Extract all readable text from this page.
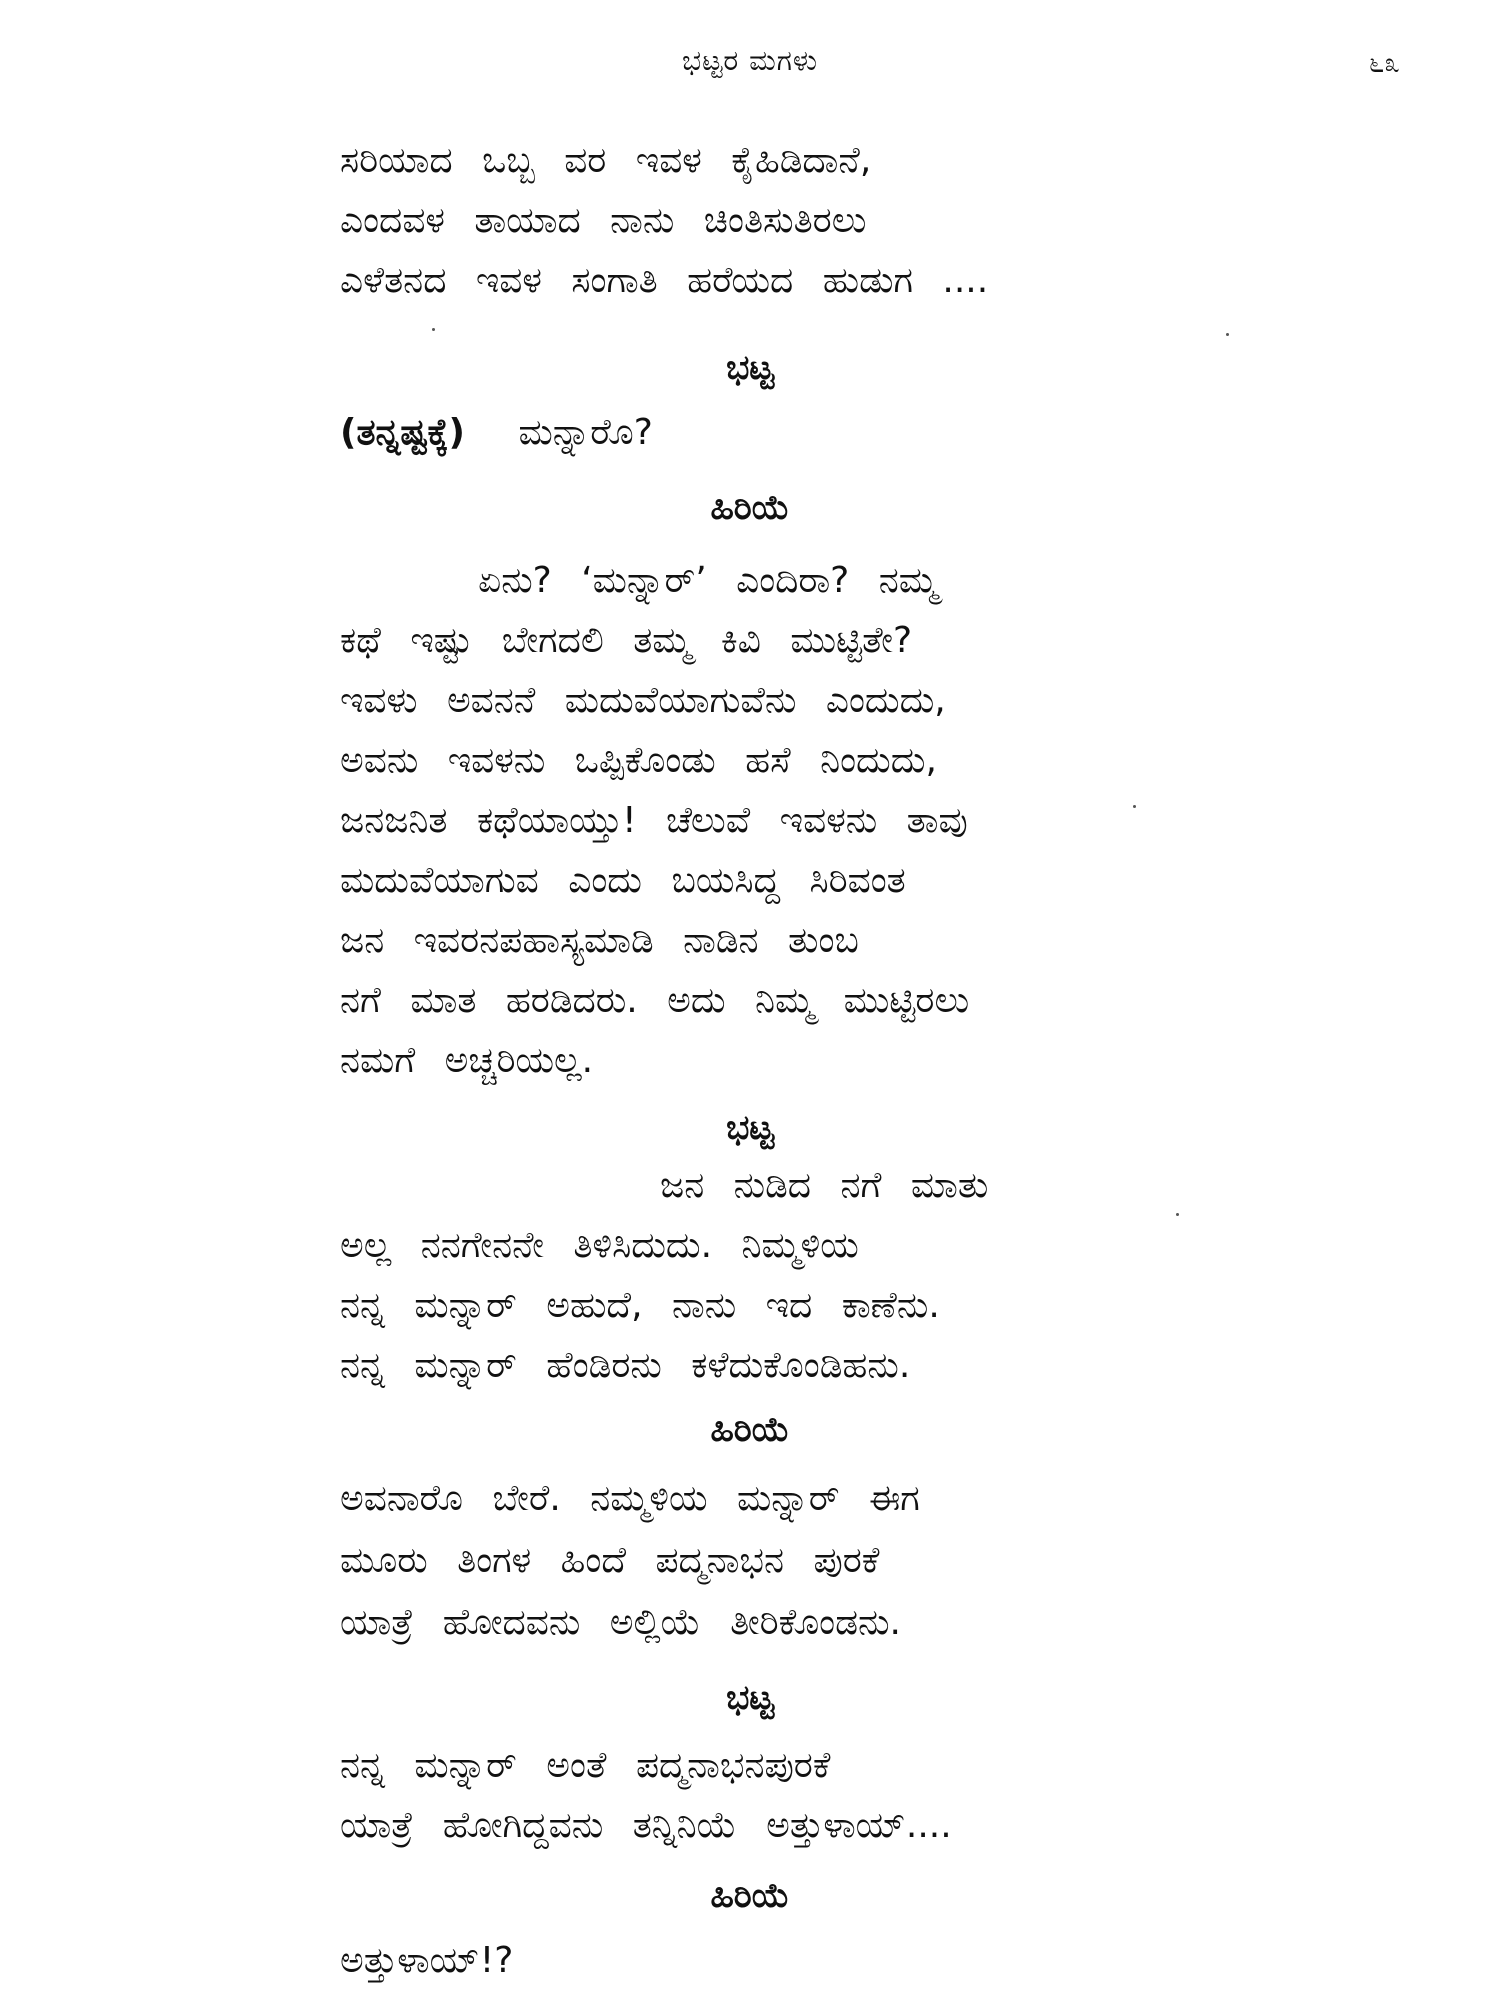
ಭಟ್ಟರ ಮಗಳು	೬೩
ಸರಿಯಾದ ಒಬ್ಬ ವರ ಇವಳ ಕೈಹಿಡಿದಾನೆ,
ಎಂದವಳ ತಾಯಾದ ನಾನು ಚಿಂತಿಸುತಿರಲು
ಎಳೆತನದ ಇವಳ ಸಂಗಾತಿ ಹರೆಯದ ಹುಡುಗ ....
ಭಟ್ಟ
(ತನ್ನಷ್ಟಕ್ಕೆ) ಮನ್ನಾರೊ?
ಹಿರಿಯೆ
ಏನು? ‘ಮನ್ನಾರ್’ ಎಂದಿರಾ? ನಮ್ಮ
ಕಥೆ ಇಷ್ಟು ಬೇಗದಲಿ ತಮ್ಮ ಕಿವಿ ಮುಟ್ಟಿತೇ?
ಇವಳು ಅವನನೆ ಮದುವೆಯಾಗುವೆನು ಎಂದುದು,
ಅವನು ಇವಳನು ಒಪ್ಪಿಕೊಂಡು ಹಸೆ ನಿಂದುದು,
ಜನಜನಿತ ಕಥೆಯಾಯ್ತು! ಚೆಲುವೆ ಇವಳನು ತಾವು
ಮದುವೆಯಾಗುವ ಎಂದು ಬಯಸಿದ್ದ ಸಿರಿವಂತ
ಜನ ಇವರನಪಹಾಸ್ಯಮಾಡಿ ನಾಡಿನ ತುಂಬ
ನಗೆ ಮಾತ ಹರಡಿದರು. ಅದು ನಿಮ್ಮ ಮುಟ್ಟಿರಲು
ನಮಗೆ ಅಚ್ಚರಿಯಲ್ಲ.
ಭಟ್ಟ
ಜನ ನುಡಿದ ನಗೆ ಮಾತು
ಅಲ್ಲ ನನಗೇನನೇ ತಿಳಿಸಿದುದು. ನಿಮ್ಮಳಿಯ
ನನ್ನ ಮನ್ನಾರ್ ಅಹುದೆ, ನಾನು ಇದ ಕಾಣೆನು.
ನನ್ನ ಮನ್ನಾರ್ ಹೆಂಡಿರನು ಕಳೆದುಕೊಂಡಿಹನು.
ಹಿರಿಯೆ
ಅವನಾರೊ ಬೇರೆ. ನಮ್ಮಳಿಯ ಮನ್ನಾರ್ ಈಗ
ಮೂರು ತಿಂಗಳ ಹಿಂದೆ ಪದ್ಮನಾಭನ ಪುರಕೆ
ಯಾತ್ರೆ ಹೋದವನು ಅಲ್ಲಿಯೆ ತೀರಿಕೊಂಡನು.
ಭಟ್ಟ
ನನ್ನ ಮನ್ನಾರ್ ಅಂತೆ ಪದ್ಮನಾಭನಪುರಕೆ
ಯಾತ್ರೆ ಹೋಗಿದ್ದವನು ತನ್ನಿನಿಯೆ ಅತ್ತುಳಾಯ್....
ಹಿರಿಯೆ
ಅತ್ತುಳಾಯ್!?
